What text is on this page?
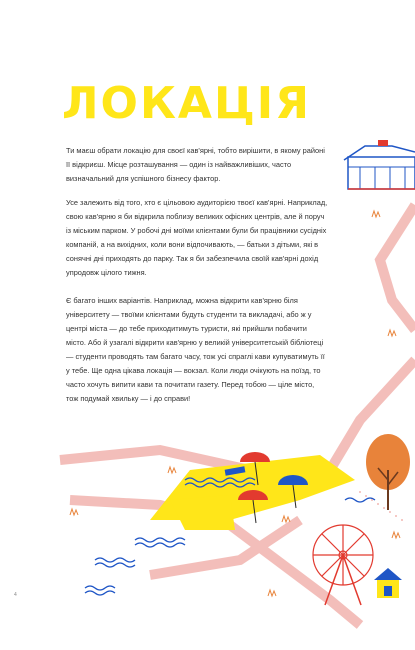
ЛОКАЦІЯ

Ти маєш обрати локацію для своєї кав'ярні, тобто вирішити, в якому районі її відкриєш. Місце розташування — один із найважливіших, часто визначальний для успішного бізнесу фактор.

Усе залежить від того, хто є цільовою аудиторією твоєї кав'ярні. Наприклад, свою кав'ярню я би відкрила поблизу великих офісних центрів, але й поруч із міським парком. У робочі дні моїми клієнтами були би працівники сусідніх компаній, а на вихідних, коли вони відпочивають, — батьки з дітьми, які в сонячні дні приходять до парку. Так я би забезпечила своїй кав'ярні дохід упродовж цілого тижня.

Є багато інших варіантів. Наприклад, можна відкрити кав'ярню біля університету — твоїми клієнтами будуть студенти та викладачі, або ж у центрі міста — до тебе приходитимуть туристи, які прийшли побачити місто. Або й узагалі відкрити кав'ярню у великій університетській бібліотеці — студенти проводять там багато часу, тож усі спраглі кави купуватимуть її у тебе. Ще одна цікава локація — вокзал. Коли люди очікують на поїзд, то часто хочуть випити кави та почитати газету. Перед тобою — ціле місто, тож подумай хвильку — і до справи!

4
